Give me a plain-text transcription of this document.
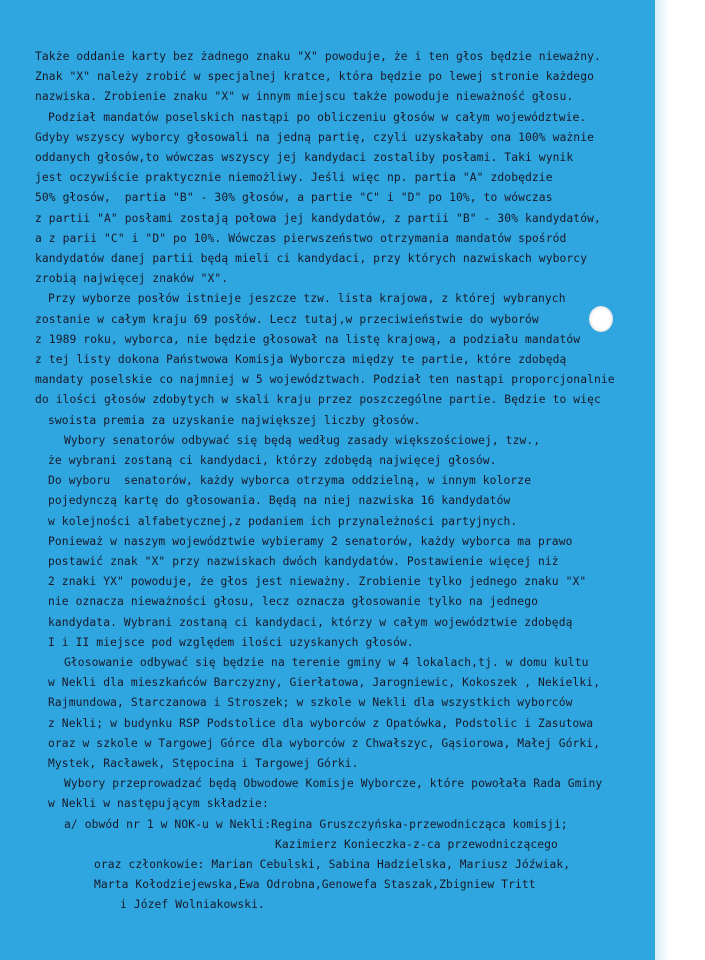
Także oddanie karty bez żadnego znaku "X" powoduje, że i ten głos będzie nieważny.
Znak "X" należy zrobić w specjalnej kratce, która będzie po lewej stronie każdego
nazwiska. Zrobienie znaku "X" w innym miejscu także powoduje nieważność głosu.
Podział mandatów poselskich nastąpi po obliczeniu głosów w całym województwie.
Gdyby wszyscy wyborcy głosowali na jedną partię, czyli uzyskałaby ona 100% ważnie
oddanych głosów,to wówczas wszyscy jej kandydaci zostaliby posłami. Taki wynik
jest oczywiście praktycznie niemożliwy. Jeśli więc np. partia "A" zdobędzie
50% głosów,  partia "B" - 30% głosów, a partie "C" i "D" po 10%, to wówczas
z partii "A" posłami zostają połowa jej kandydatów, z partii "B" - 30% kandydatów,
a z parii "C" i "D" po 10%. Wówczas pierwszeństwo otrzymania mandatów spośród
kandydatów danej partii będą mieli ci kandydaci, przy których nazwiskach wyborcy
zrobią najwięcej znaków "X".
Przy wyborze posłów istnieje jeszcze tzw. lista krajowa, z której wybranych
zostanie w całym kraju 69 posłów. Lecz tutaj,w przeciwieństwie do wyborów
z 1989 roku, wyborca, nie będzie głosował na listę krajową, a podziału mandatów
z tej listy dokona Państwowa Komisja Wyborcza między te partie, które zdobędą
mandaty poselskie co najmniej w 5 województwach. Podział ten nastąpi proporcjonalnie
do ilości głosów zdobytych w skali kraju przez poszczególne partie. Będzie to więc
swoista premia za uzyskanie największej liczby głosów.
Wybory senatorów odbywać się będą według zasady większościowej, tzw.,
że wybrani zostaną ci kandydaci, którzy zdobędą najwięcej głosów.
Do wyboru  senatorów, każdy wyborca otrzyma oddzielną, w innym kolorze
pojedynczą kartę do głosowania. Będą na niej nazwiska 16 kandydatów
w kolejności alfabetycznej,z podaniem ich przynależności partyjnych.
Ponieważ w naszym województwie wybieramy 2 senatorów, każdy wyborca ma prawo
postawić znak "X" przy nazwiskach dwóch kandydatów. Postawienie więcej niż
2 znaki YX" powoduje, że głos jest nieważny. Zrobienie tylko jednego znaku "X"
nie oznacza nieważności głosu, lecz oznacza głosowanie tylko na jednego
kandydata. Wybrani zostaną ci kandydaci, którzy w całym województwie zdobędą
I i II miejsce pod względem ilości uzyskanych głosów.
Głosowanie odbywać się będzie na terenie gminy w 4 lokalach,tj. w domu kultu
w Nekli dla mieszkańców Barczyzny, Gierłatowa, Jarogniewic, Kokoszek , Nekielki,
Rajmundowa, Starczanowa i Stroszek; w szkole w Nekli dla wszystkich wyborców
z Nekli; w budynku RSP Podstolice dla wyborców z Opatówka, Podstolic i Zasutowa
oraz w szkole w Targowej Górce dla wyborców z Chwałszyc, Gąsiorowa, Małej Górki,
Mystek, Racławek, Stępocina i Targowej Górki.
Wybory przeprowadzać będą Obwodowe Komisje Wyborcze, które powołała Rada Gminy
w Nekli w następującym składzie:
a/ obwód nr 1 w NOK-u w Nekli:Regina Gruszczyńska-przewodnicząca komisji;
Kazimierz Konieczka-z-ca przewodniczącego
oraz członkowie: Marian Cebulski, Sabina Hadzielska, Mariusz Jóźwiak,
Marta Kołodziejewska,Ewa Odrobna,Genowefa Staszak,Zbigniew Tritt
i Józef Wolniakowski.
